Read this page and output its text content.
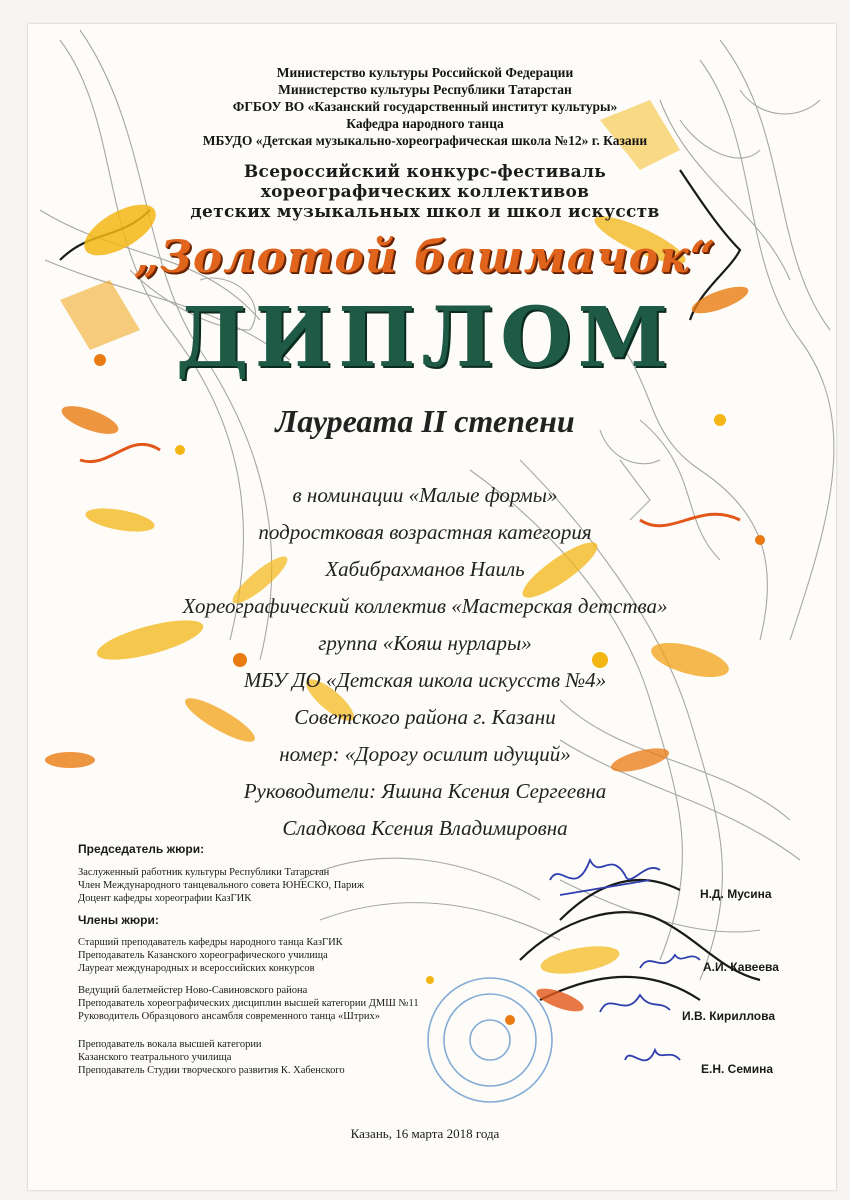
Министерство культуры Российской Федерации
Министерство культуры Республики Татарстан
ФГБОУ ВО «Казанский государственный институт культуры»
Кафедра народного танца
МБУДО «Детская музыкально-хореографическая школа №12» г. Казани
Всероссийский конкурс-фестиваль
хореографических коллективов
детских музыкальных школ и школ искусств
„Золотой башмачок“
ДИПЛОМ
Лауреата II степени
в номинации «Малые формы»
подростковая возрастная категория
Хабибрахманов Наиль
Хореографический коллектив «Мастерская детства»
группа «Кояш нурлары»
МБУ ДО «Детская школа искусств №4»
Советского района г. Казани
номер: «Дорогу осилит идущий»
Руководители: Яшина Ксения Сергеевна
Сладкова Ксения Владимировна
Председатель жюри:
Заслуженный работник культуры Республики Татарстан
Член Международного танцевального совета ЮНЕСКО, Париж
Доцент кафедры хореографии КазГИК	Н.Д. Мусина
Члены жюри:
Старший преподаватель кафедры народного танца КазГИК
Преподаватель Казанского хореографического училища
Лауреат международных и всероссийских конкурсов	А.И. Кавеева
Ведущий балетмейстер Ново-Савиновского района
Преподаватель хореографических дисциплин высшей категории ДМШ №11
Руководитель Образцового ансамбля современного танца «Штрих»	И.В. Кириллова
Преподаватель вокала высшей категории
Казанского театрального училища
Преподаватель Студии творческого развития К. Хабенского	Е.Н. Семина
Казань, 16 марта 2018 года
